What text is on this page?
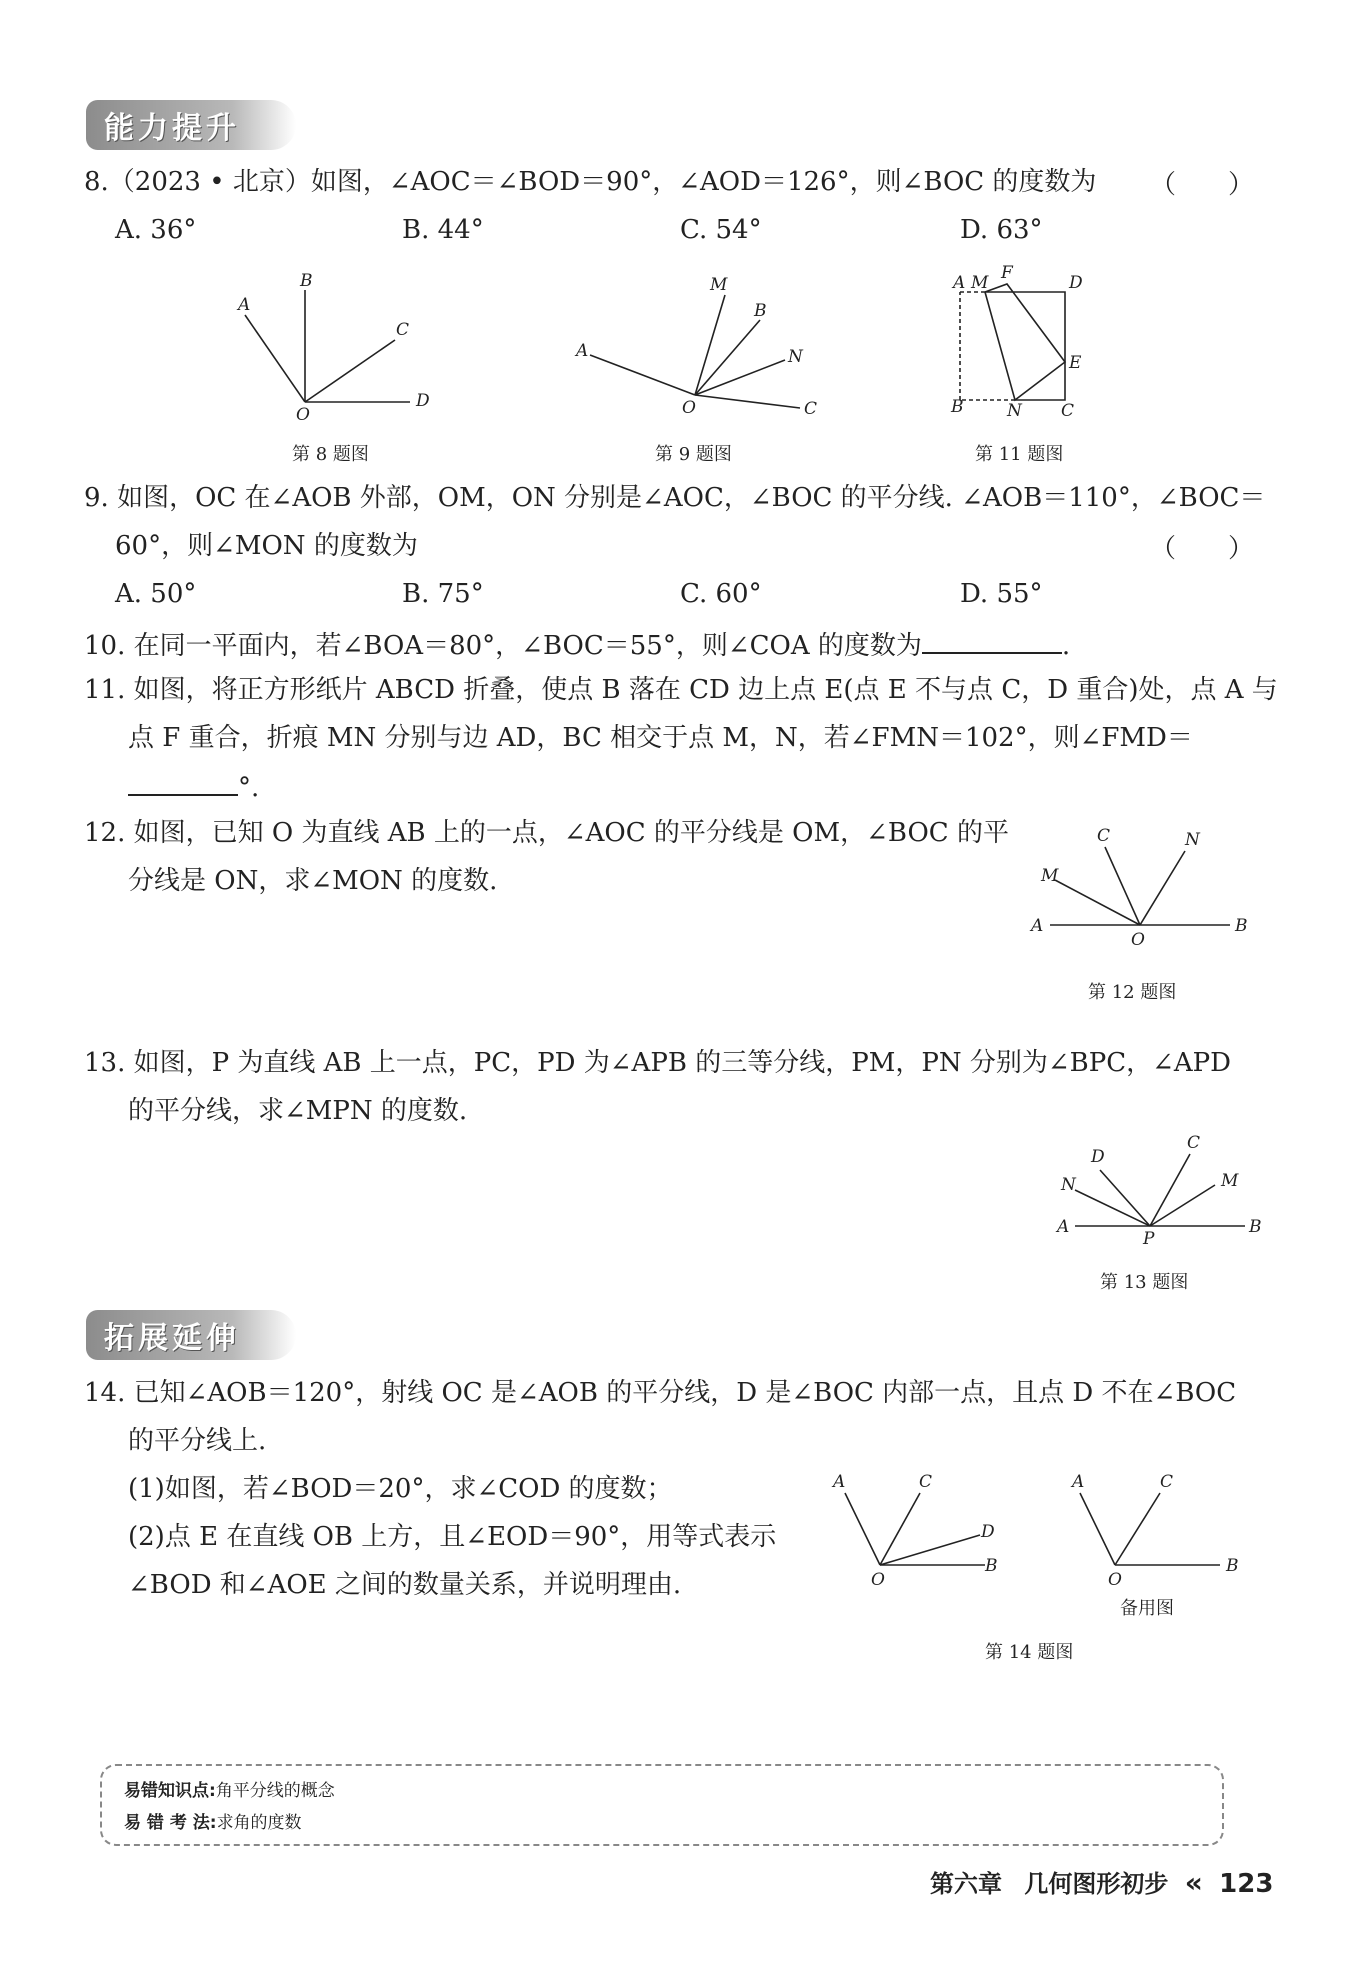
能力提升
8.（2023 • 北京）如图，∠AOC＝∠BOD＝90°，∠AOD＝126°，则∠BOC 的度数为 （　　）
A. 36°	B. 44°	C. 54°	D. 63°
A
B
C
D
O
第 8 题图
A
M
B
N
O	C
第 9 题图
A M F	D
E
B	N C
第 11 题图
9. 如图，OC 在∠AOB 外部，OM，ON 分别是∠AOC，∠BOC 的平分线. ∠AOB＝110°，∠BOC＝
60°，则∠MON 的度数为	（　　）
A. 50°	B. 75°	C. 60°	D. 55°
10. 在同一平面内，若∠BOA＝80°，∠BOC＝55°，则∠COA 的度数为	.
11. 如图，将正方形纸片 ABCD 折叠，使点 B 落在 CD 边上点 E(点 E 不与点 C，D 重合)处，点 A 与
点 F 重合，折痕 MN 分别与边 AD，BC 相交于点 M，N，若∠FMN＝102°，则∠FMD＝
°.
12. 如图，已知 O 为直线 AB 上的一点，∠AOC 的平分线是 OM，∠BOC 的平
分线是 ON，求∠MON 的度数.
C	N
M
A
O
B
第 12 题图
13. 如图，P 为直线 AB 上一点，PC，PD 为∠APB 的三等分线，PM，PN 分别为∠BPC，∠APD
的平分线，求∠MPN 的度数.
D
C
N	M
A
P
B
第 13 题图
拓展延伸
14. 已知∠AOB＝120°，射线 OC 是∠AOB 的平分线，D 是∠BOC 内部一点，且点 D 不在∠BOC
的平分线上.
(1)如图，若∠BOD＝20°，求∠COD 的度数；
(2)点 E 在直线 OB 上方，且∠EOD＝90°，用等式表示
∠BOD 和∠AOE 之间的数量关系，并说明理由.
A	C
D
O
B
A	C
O
B
备用图
第 14 题图
易错知识点:角平分线的概念
易 错 考 法:求角的度数
第六章 几何图形初步 « 123
